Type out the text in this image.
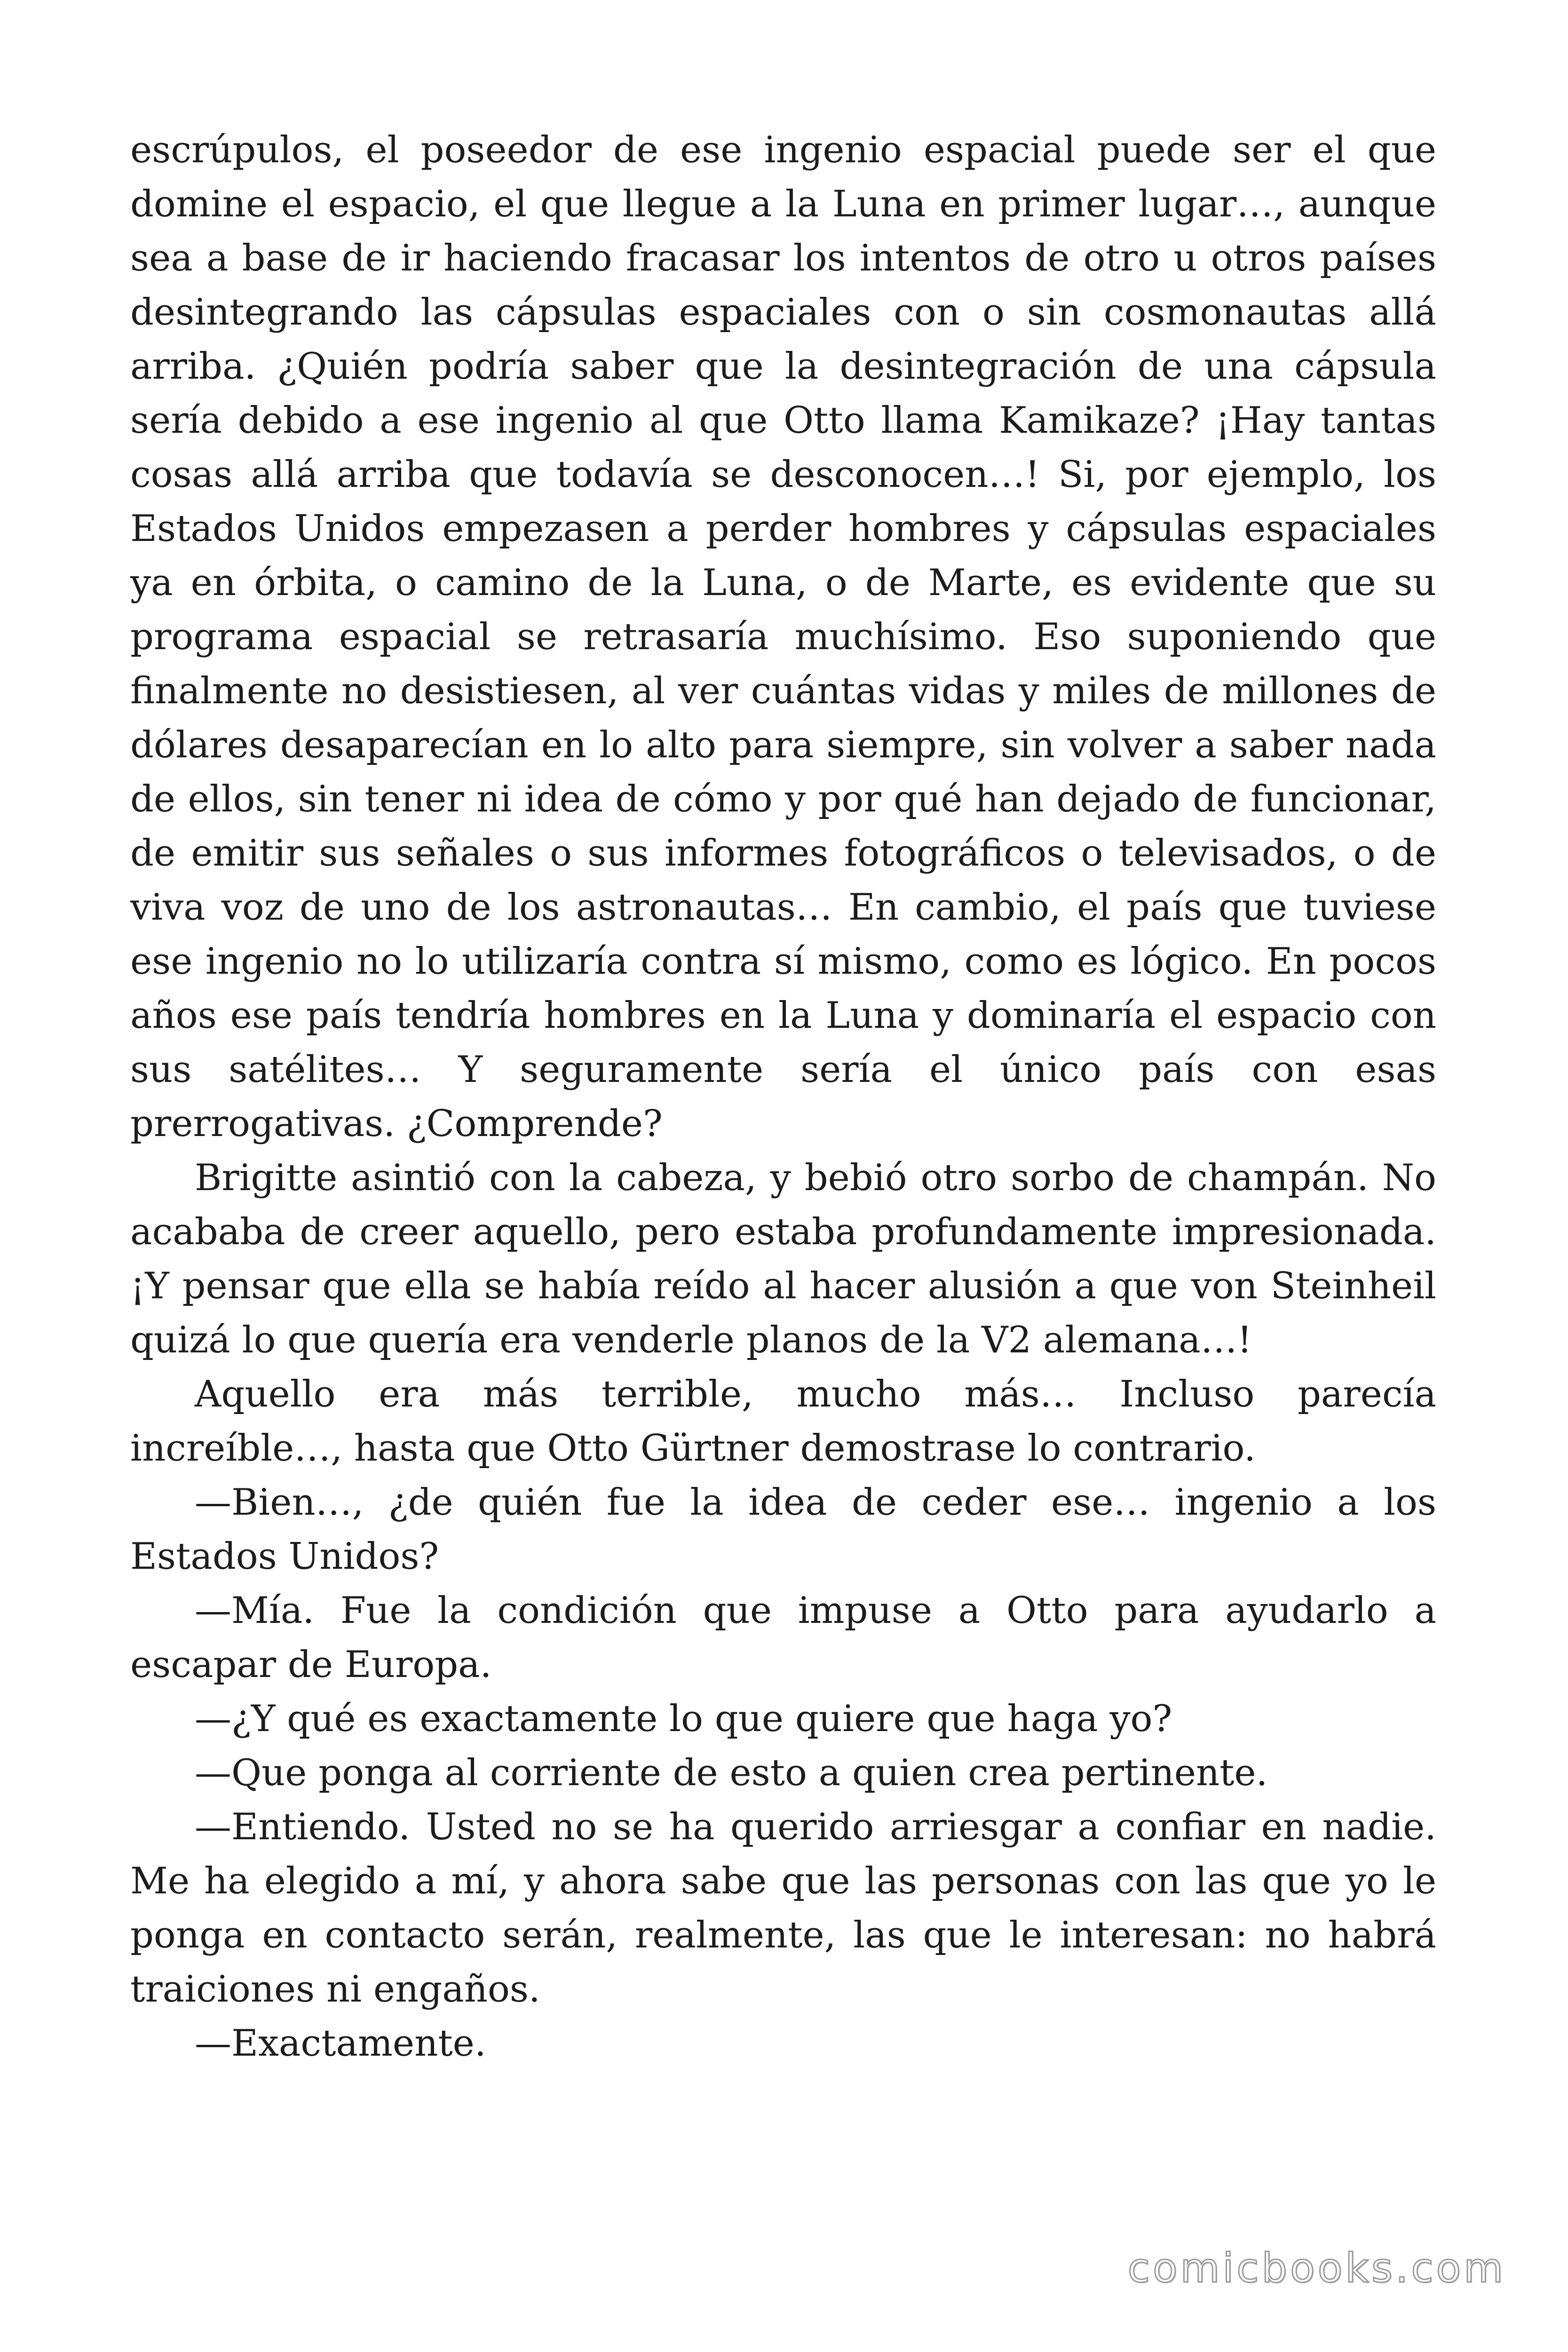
escrúpulos, el poseedor de ese ingenio espacial puede ser el que domine el espacio, el que llegue a la Luna en primer lugar…, aunque sea a base de ir haciendo fracasar los intentos de otro u otros países desintegrando las cápsulas espaciales con o sin cosmonautas allá arriba. ¿Quién podría saber que la desintegración de una cápsula sería debido a ese ingenio al que Otto llama Kamikaze? ¡Hay tantas cosas allá arriba que todavía se desconocen…! Si, por ejemplo, los Estados Unidos empezasen a perder hombres y cápsulas espaciales ya en órbita, o camino de la Luna, o de Marte, es evidente que su programa espacial se retrasaría muchísimo. Eso suponiendo que finalmente no desistiesen, al ver cuántas vidas y miles de millones de dólares desaparecían en lo alto para siempre, sin volver a saber nada de ellos, sin tener ni idea de cómo y por qué han dejado de funcionar, de emitir sus señales o sus informes fotográficos o televisados, o de viva voz de uno de los astronautas… En cambio, el país que tuviese ese ingenio no lo utilizaría contra sí mismo, como es lógico. En pocos años ese país tendría hombres en la Luna y dominaría el espacio con sus satélites… Y seguramente sería el único país con esas prerrogativas. ¿Comprende?

Brigitte asintió con la cabeza, y bebió otro sorbo de champán. No acababa de creer aquello, pero estaba profundamente impresionada. ¡Y pensar que ella se había reído al hacer alusión a que von Steinheil quizá lo que quería era venderle planos de la V2 alemana…!

Aquello era más terrible, mucho más… Incluso parecía increíble…, hasta que Otto Gürtner demostrase lo contrario.

—Bien…, ¿de quién fue la idea de ceder ese… ingenio a los Estados Unidos?

—Mía. Fue la condición que impuse a Otto para ayudarlo a escapar de Europa.

—¿Y qué es exactamente lo que quiere que haga yo?

—Que ponga al corriente de esto a quien crea pertinente.

—Entiendo. Usted no se ha querido arriesgar a confiar en nadie. Me ha elegido a mí, y ahora sabe que las personas con las que yo le ponga en contacto serán, realmente, las que le interesan: no habrá traiciones ni engaños.

—Exactamente.

comicbooks.com
